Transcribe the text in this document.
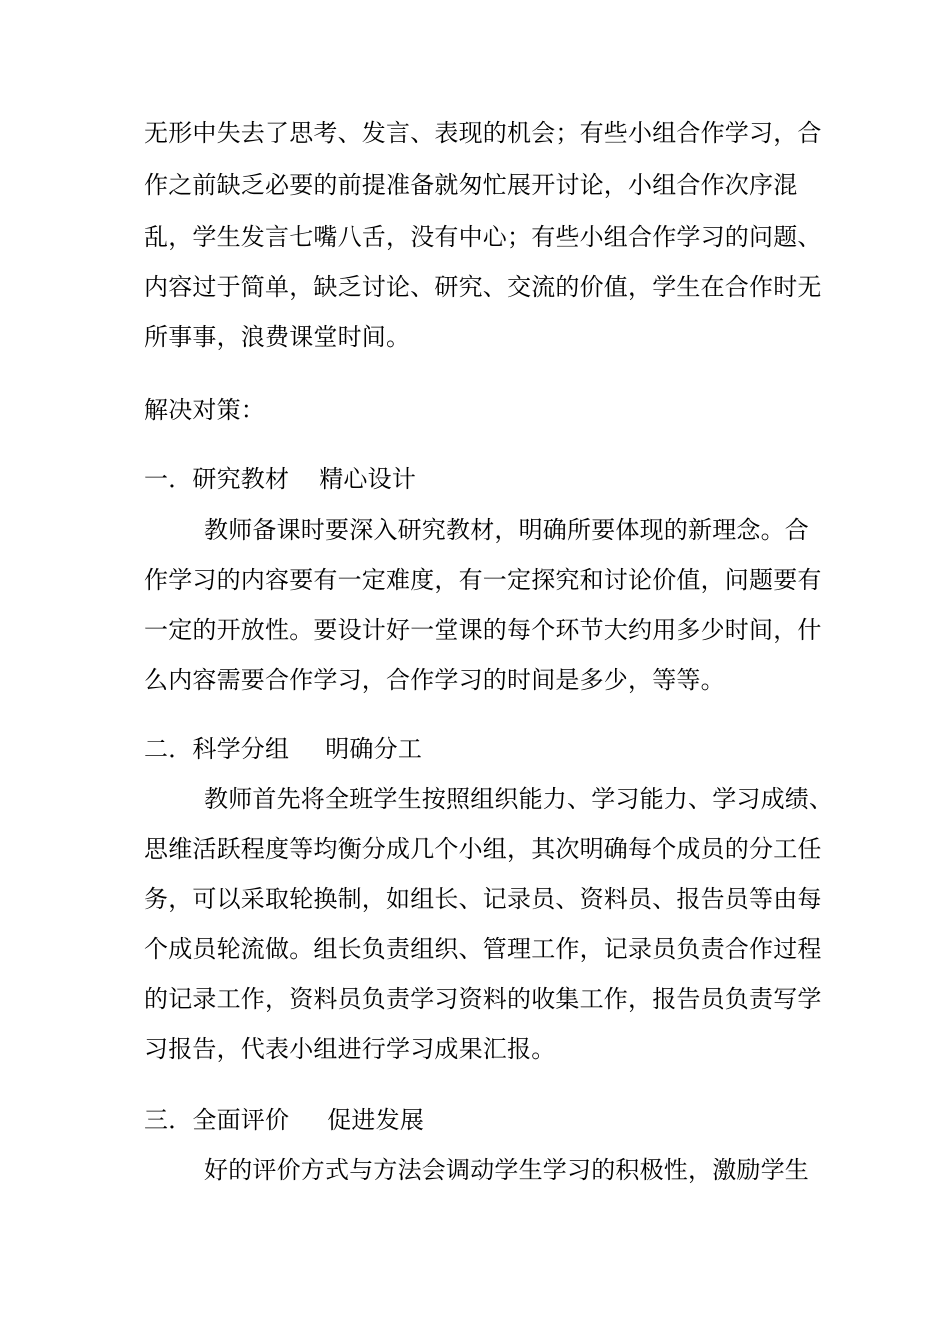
无形中失去了思考、发言、表现的机会；有些小组合作学习，合
作之前缺乏必要的前提准备就匆忙展开讨论，小组合作次序混
乱，学生发言七嘴八舌，没有中心；有些小组合作学习的问题、
内容过于简单，缺乏讨论、研究、交流的价值，学生在合作时无
所事事，浪费课堂时间。
解决对策：
一．研究教材 精心设计
教师备课时要深入研究教材，明确所要体现的新理念。合
作学习的内容要有一定难度，有一定探究和讨论价值，问题要有
一定的开放性。要设计好一堂课的每个环节大约用多少时间，什
么内容需要合作学习，合作学习的时间是多少，等等。
二．科学分组 明确分工
教师首先将全班学生按照组织能力、学习能力、学习成绩、
思维活跃程度等均衡分成几个小组，其次明确每个成员的分工任
务，可以采取轮换制，如组长、记录员、资料员、报告员等由每
个成员轮流做。组长负责组织、管理工作，记录员负责合作过程
的记录工作，资料员负责学习资料的收集工作，报告员负责写学
习报告，代表小组进行学习成果汇报。
三．全面评价 促进发展
好的评价方式与方法会调动学生学习的积极性，激励学生
